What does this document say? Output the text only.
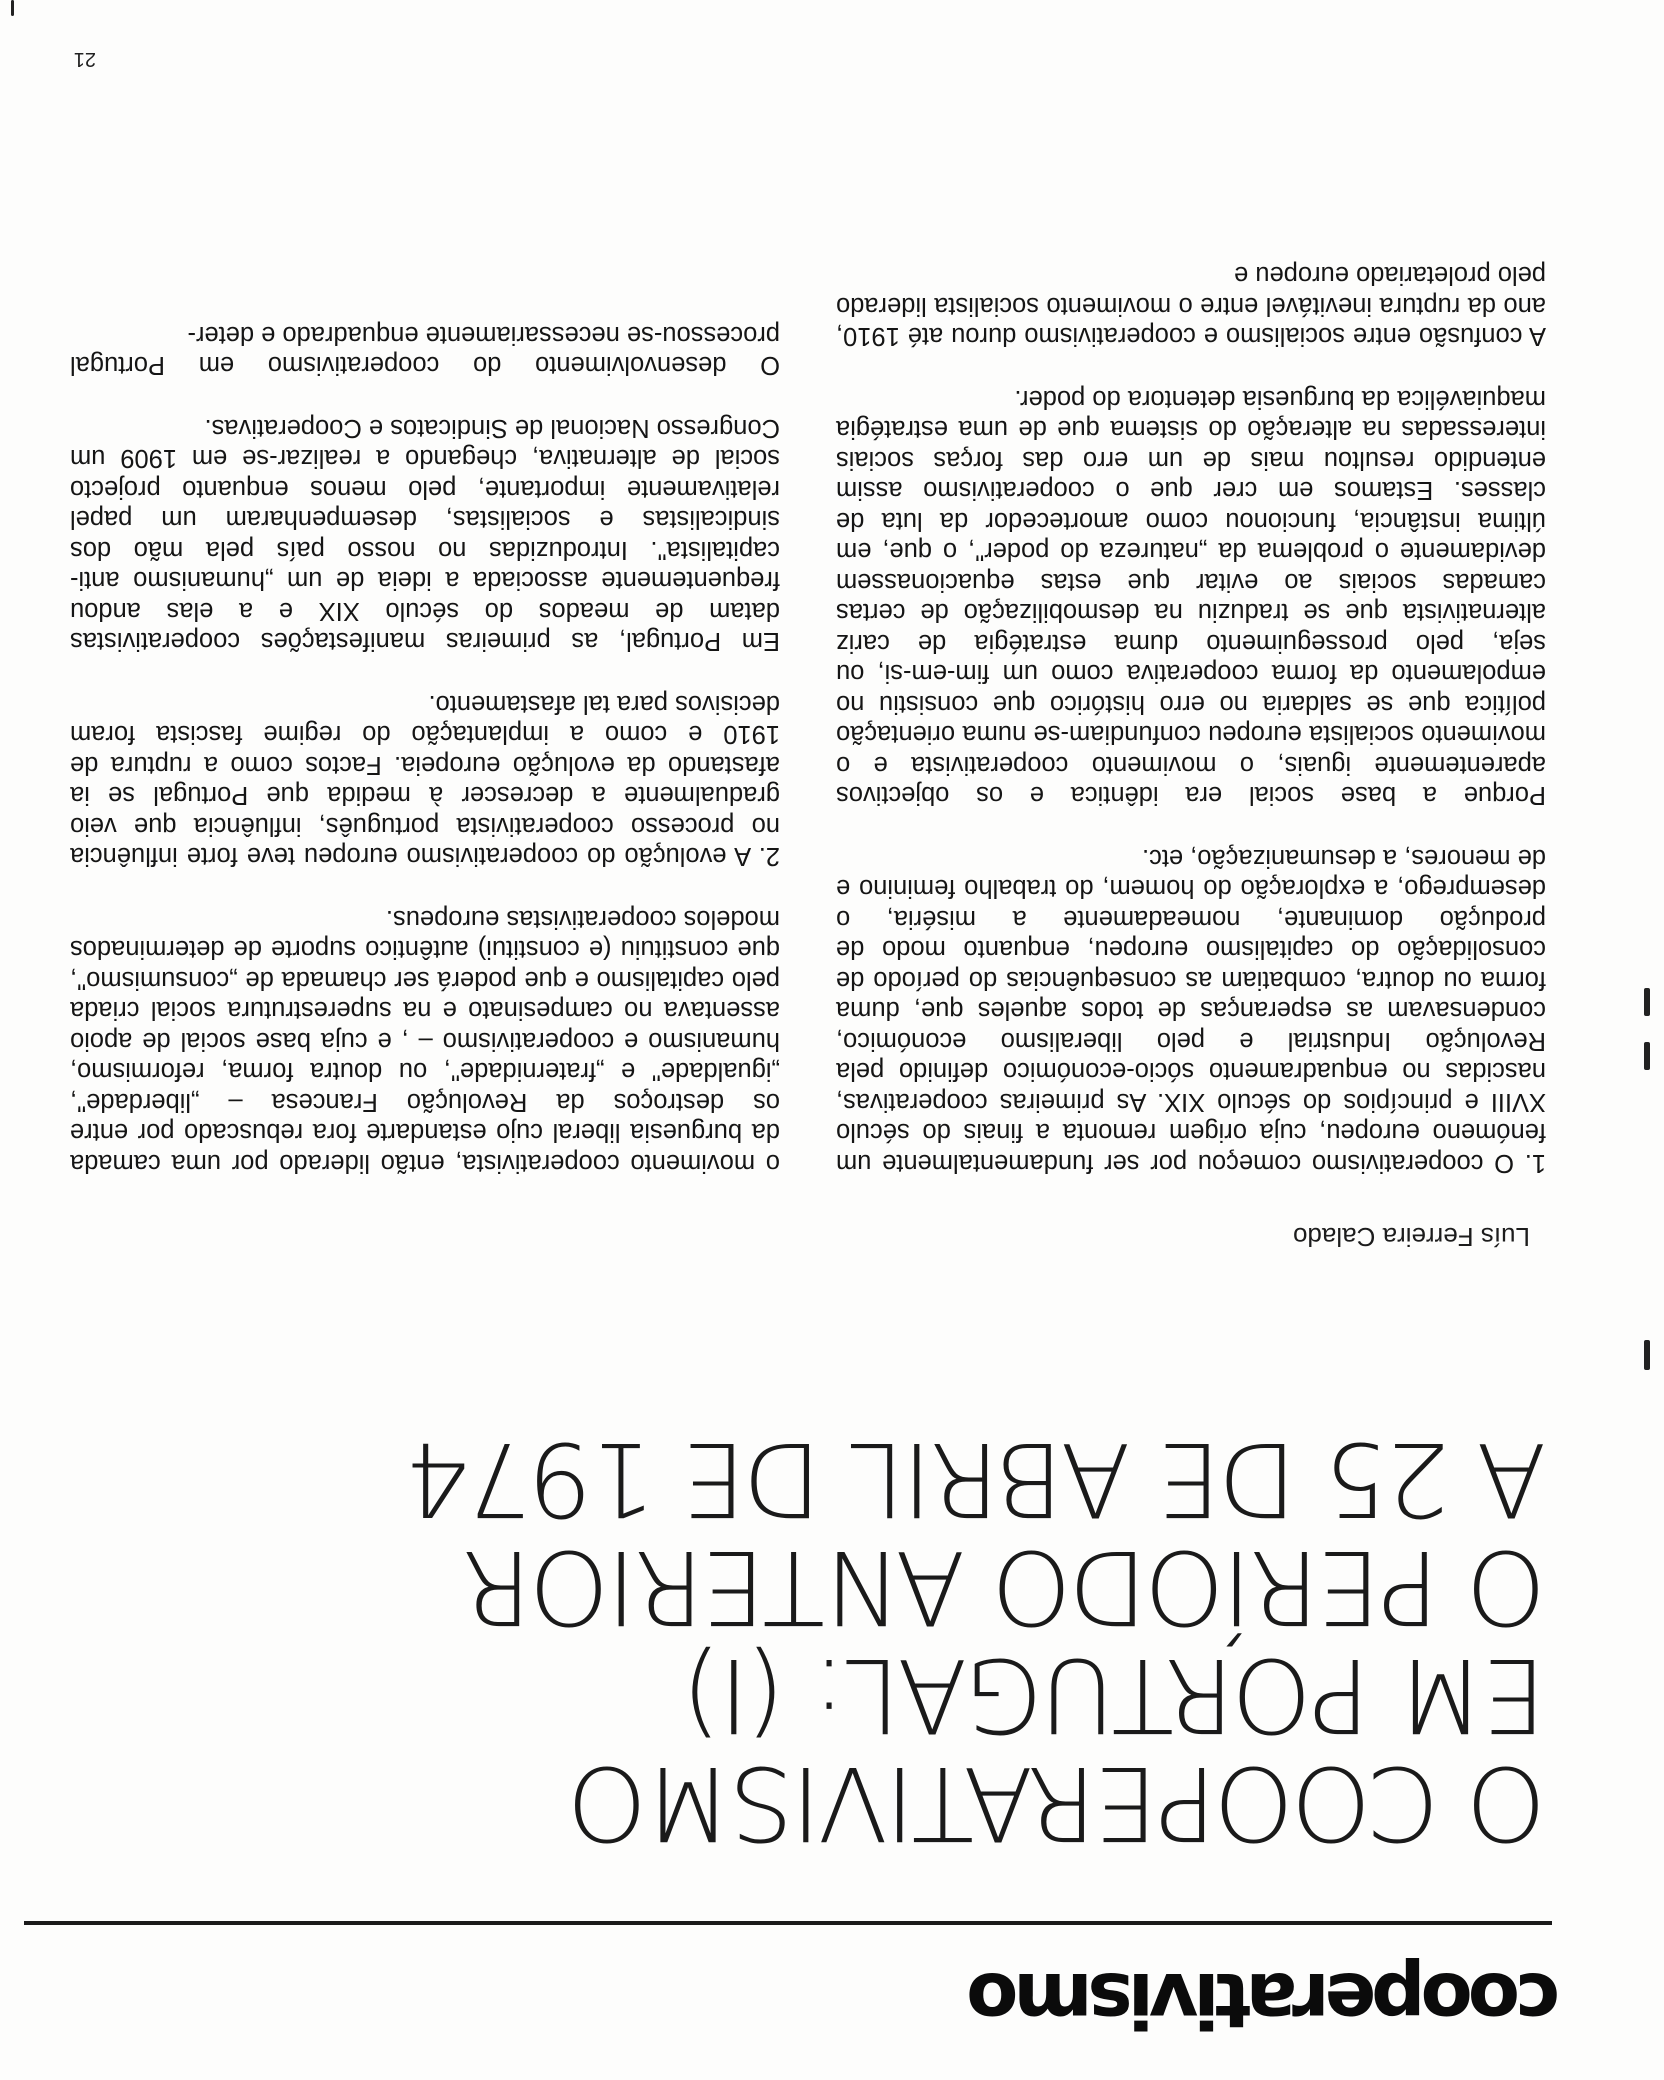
cooperativismo
O COOPERATIVISMO
EM PORTUGAL: (I)
O PERÍODO ANTERIOR
A 25 DE ABRIL DE 1974
Luís Ferreira Calado

1. O cooperativismo começou por ser fundamentalmente um fenómeno europeu, cuja origem remonta a finais do século XVIII e princípios do século XIX. As primeiras cooperativas, nascidas no enquadramento sócio-económico definido pela Revolução Industrial e pelo liberalismo económico, condensavam as esperanças de todos aqueles que, duma forma ou doutra, combatiam as consequências do período de consolidação do capitalismo europeu, enquanto modo de produção dominante, nomeadamente a miséria, o desemprego, a exploração do homem, do trabalho feminino e de menores, a desumanização, etc.

Porque a base social era idêntica e os objectivos aparentemente iguais, o movimento cooperativista e o movimento socialista europeu confundiam-se numa orientação política que se saldaria no erro histórico que consistiu no empolamento da forma cooperativa como um fim-em-si, ou seja, pelo prosseguimento duma estratégia de cariz alternativista que se traduziu na desmobilização de certas camadas sociais ao evitar que estas equacionassem devidamente o problema da „natureza do poder", o que, em última instância, funcionou como amortecedor da luta de classes. Estamos em crer que o cooperativismo assim entendido resultou mais de um erro das forças sociais interessadas na alteração do sistema que de uma estratégia maquiavélica da burguesia detentora do poder.

A confusão entre socialismo e cooperativismo durou até 1910, ano da ruptura inevitável entre o movimento socialista liderado pelo proletariado europeu e

o movimento cooperativista, então liderado por uma camada da burguesia liberal cujo estandarte fora rebuscado por entre os destroços da Revolução Francesa – „liberdade", „igualdade" e „fraternidade", ou doutra forma, reformismo, humanismo e cooperativismo – , e cuja base social de apoio assentava no campesinato e na superestrutura social criada pelo capitalismo e que poderá ser chamada de „consumismo", que constituiu (e constitui) autêntico suporte de determinados modelos cooperativistas europeus.

2. A evolução do cooperativismo europeu teve forte influência no processo cooperativista português, influência que veio gradualmente a decrescer à medida que Portugal se ia afastando da evolução europeia. Factos como a ruptura de 1910 e como a implantação do regime fascista foram decisivos para tal afastamento.

Em Portugal, as primeiras manifestações cooperativistas datam de meados do século XIX e a elas andou frequentemente associada a ideia de um „humanismo anti-capitalista". Introduzidas no nosso país pela mão dos sindicalistas e socialistas, desempenharam um papel relativamente importante, pelo menos enquanto projecto social de alternativa, chegando a realizar-se em 1909 um Congresso Nacional de Sindicatos e Cooperativas.

O desenvolvimento do cooperativismo em Portugal processou-se necessariamente enquadrado e deter-

21
